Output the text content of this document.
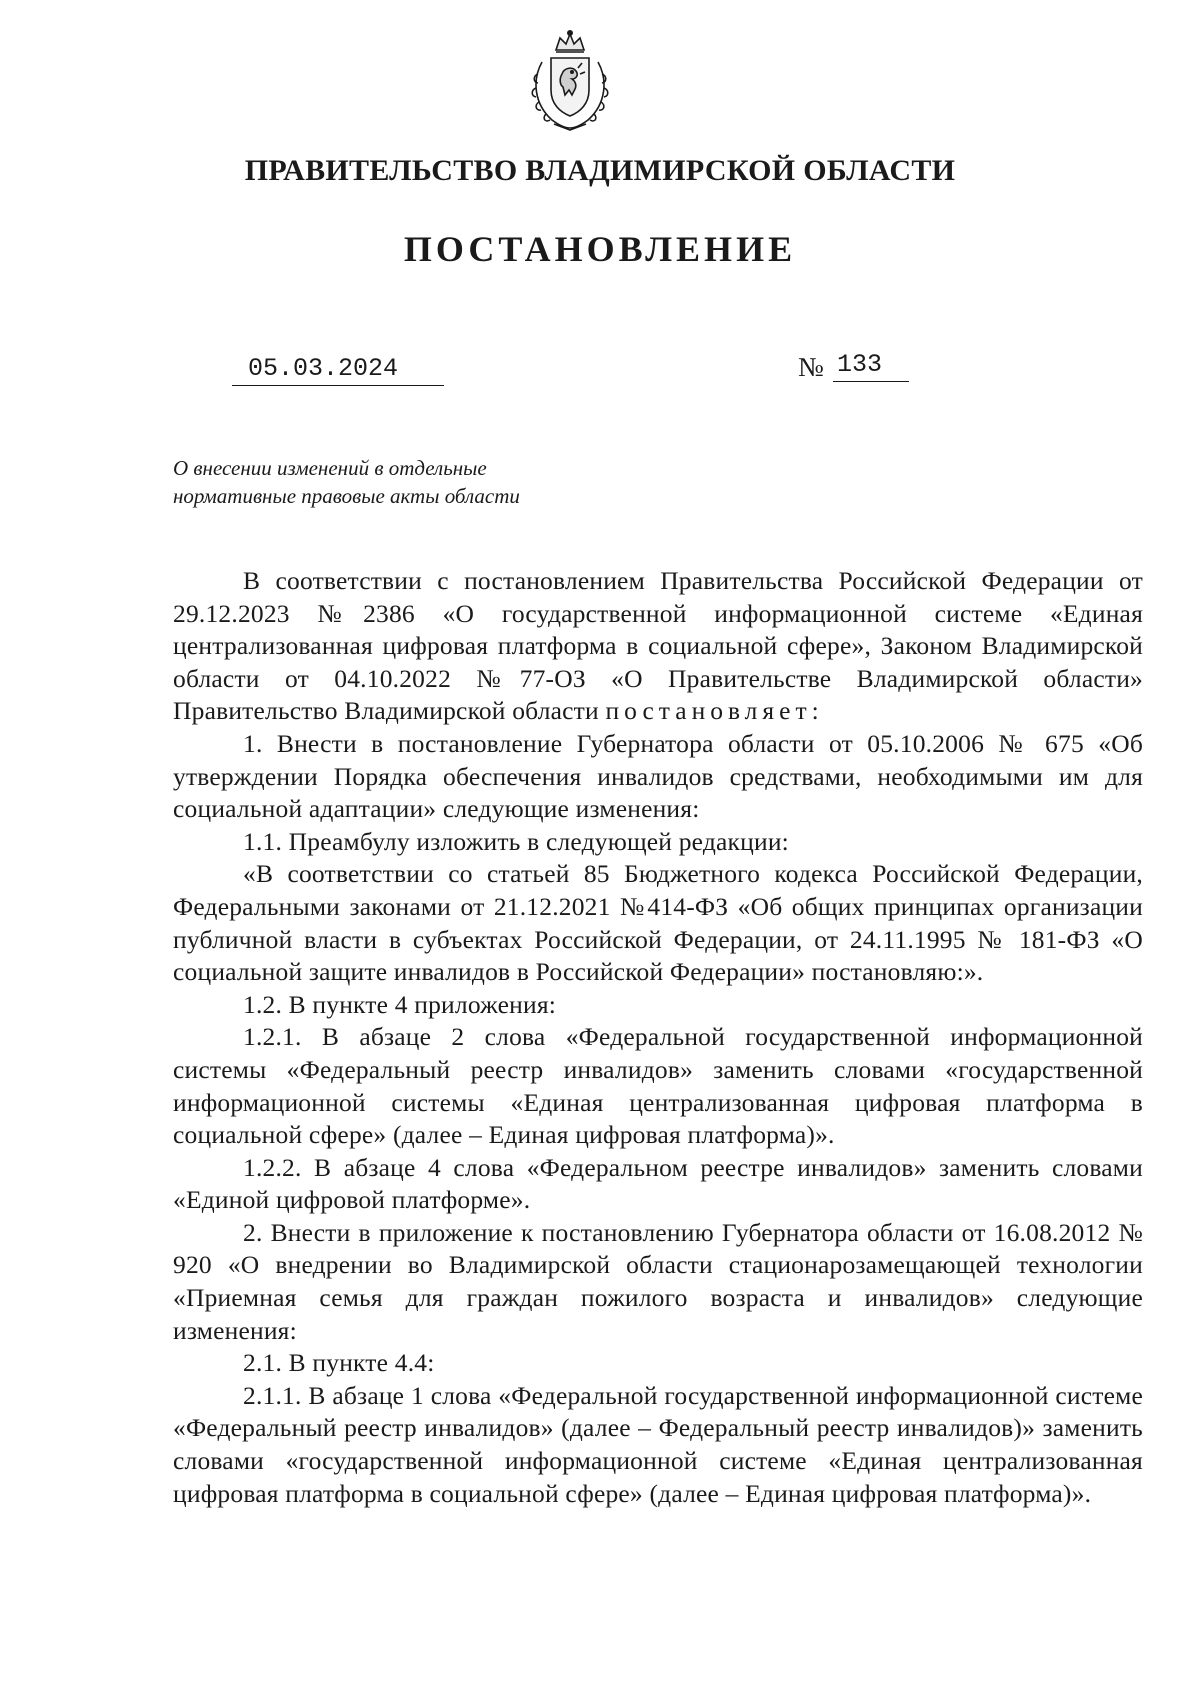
ПРАВИТЕЛЬСТВО ВЛАДИМИРСКОЙ ОБЛАСТИ
ПОСТАНОВЛЕНИЕ
05.03.2024	№ 133
О внесении изменений в отдельные
нормативные правовые акты области

В соответствии с постановлением Правительства Российской Федерации от 29.12.2023 №2386 «О государственной информационной системе «Единая централизованная цифровая платформа в социальной сфере», Законом Владимирской области от 04.10.2022 №77-ОЗ «О Правительстве Владимирской области» Правительство Владимирской области постановляет:

1. Внести в постановление Губернатора области от 05.10.2006 № 675 «Об утверждении Порядка обеспечения инвалидов средствами, необходимыми им для социальной адаптации» следующие изменения:

1.1. Преамбулу изложить в следующей редакции:

«В соответствии со статьей 85 Бюджетного кодекса Российской Федерации, Федеральными законами от 21.12.2021 №414-ФЗ «Об общих принципах организации публичной власти в субъектах Российской Федерации, от 24.11.1995 № 181-ФЗ «О социальной защите инвалидов в Российской Федерации» постановляю:».

1.2. В пункте 4 приложения:

1.2.1. В абзаце 2 слова «Федеральной государственной информационной системы «Федеральный реестр инвалидов» заменить словами «государственной информационной системы «Единая централизованная цифровая платформа в социальной сфере» (далее – Единая цифровая платформа)».

1.2.2. В абзаце 4 слова «Федеральном реестре инвалидов» заменить словами «Единой цифровой платформе».

2. Внести в приложение к постановлению Губернатора области от 16.08.2012 № 920 «О внедрении во Владимирской области стационарозамещающей технологии «Приемная семья для граждан пожилого возраста и инвалидов» следующие изменения:

2.1. В пункте 4.4:

2.1.1. В абзаце 1 слова «Федеральной государственной информационной системе «Федеральный реестр инвалидов» (далее – Федеральный реестр инвалидов)» заменить словами «государственной информационной системе «Единая централизованная цифровая платформа в социальной сфере» (далее – Единая цифровая платформа)».
